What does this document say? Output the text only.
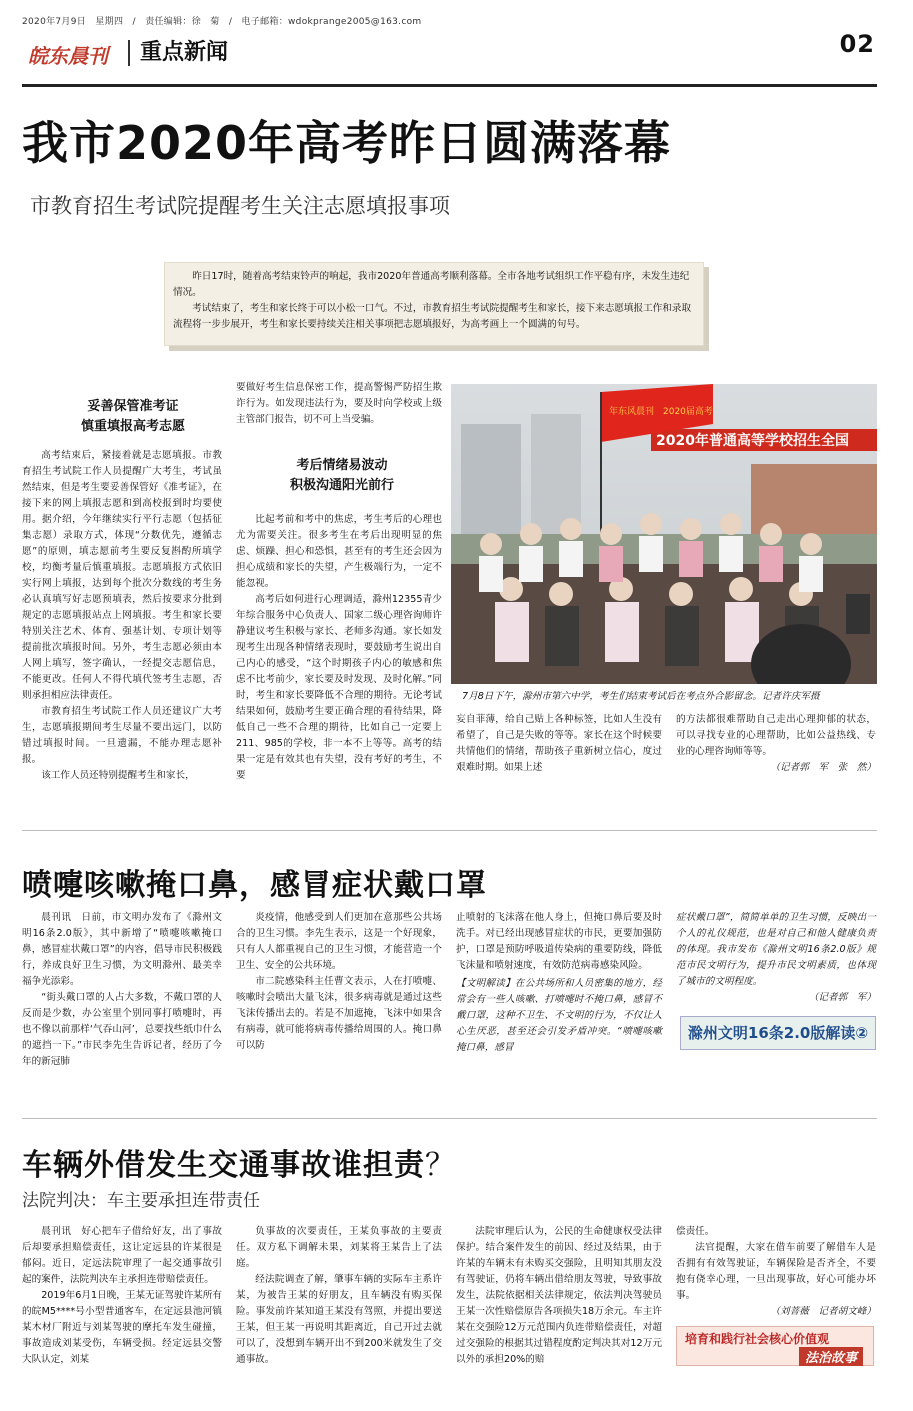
2020年7月9日　星期四　/　责任编辑：徐　菊　/　电子邮箱：wdokprange2005@163.com
02
皖东晨刊	重点新闻
我市2020年高考昨日圆满落幕
市教育招生考试院提醒考生关注志愿填报事项

昨日17时，随着高考结束铃声的响起，我市2020年普通高考顺利落幕。全市各地考试组织工作平稳有序，未发生违纪情况。

考试结束了，考生和家长终于可以小松一口气。不过，市教育招生考试院提醒考生和家长，接下来志愿填报工作和录取流程将一步步展开，考生和家长要持续关注相关事项把志愿填报好，为高考画上一个圆满的句号。

妥善保管准考证
慎重填报高考志愿

高考结束后，紧接着就是志愿填报。市教育招生考试院工作人员提醒广大考生，考试虽然结束，但是考生要妥善保管好《准考证》，在接下来的网上填报志愿和到高校报到时均要使用。据介绍，今年继续实行平行志愿（包括征集志愿）录取方式，体现“分数优先，遵循志愿”的原则，填志愿前考生要反复斟酌所填学校，均衡考量后慎重填报。志愿填报方式依旧实行网上填报，达到每个批次分数线的考生务必认真填写好志愿预填表，然后按要求分批到规定的志愿填报站点上网填报。考生和家长要特别关注艺术、体育、强基计划、专项计划等提前批次填报时间。另外，考生志愿必须由本人网上填写，签字确认，一经提交志愿信息，不能更改。任何人不得代填代签考生志愿，否则承担相应法律责任。

市教育招生考试院工作人员还建议广大考生，志愿填报期间考生尽量不要出远门，以防错过填报时间。一旦遗漏，不能办理志愿补报。

该工作人员还特别提醒考生和家长，

要做好考生信息保密工作，提高警惕严防招生欺诈行为。如发现违法行为，要及时向学校或上级主管部门报告，切不可上当受骗。
考后情绪易波动
积极沟通阳光前行

比起考前和考中的焦虑，考生考后的心理也尤为需要关注。很多考生在考后出现明显的焦虑、烦躁、担心和恐惧，甚至有的考生还会因为担心成绩和家长的失望，产生极端行为，一定不能忽视。

高考后如何进行心理调适，滁州12355青少年综合服务中心负责人、国家二级心理咨询师许静建议考生积极与家长、老师多沟通。家长如发现考生出现各种情绪表现时，要鼓励考生说出自己内心的感受，“这个时期孩子内心的敏感和焦虑不比考前少，家长要及时发现、及时化解。”同时，考生和家长要降低不合理的期待。无论考试结果如何，鼓励考生要正确合理的看待结果，降低自己一些不合理的期待，比如自己一定要上211、985的学校，非一本不上等等。高考的结果一定是有效其也有失望，没有考好的考生，不要

2020年普通高等学校招生全国
年东风晨刊　2020届高考
7月8日下午，滁州市第六中学，考生们结束考试后在考点外合影留念。记者许庆军摄
妄自菲薄，给自己贴上各种标签，比如人生没有希望了，自己是失败的等等。家长在这个时候要共情他们的情绪，帮助孩子重新树立信心，度过艰难时期。如果上述
的方法都很难帮助自己走出心理抑郁的状态，可以寻找专业的心理帮助，比如公益热线、专业的心理咨询师等等。
（记者郭　军　张　然）
喷嚏咳嗽掩口鼻，感冒症状戴口罩

晨刊讯　日前，市文明办发布了《滁州文明16条2.0版》，其中新增了“喷嚏咳嗽掩口鼻，感冒症状戴口罩”的内容，倡导市民积极践行，养成良好卫生习惯，为文明滁州、最美幸福争光添彩。

“街头戴口罩的人占大多数，不戴口罩的人反而是少数，办公室里个别同事打喷嚏时，再也不像以前那样‘气吞山河’，总要找些纸巾什么的遮挡一下。”市民李先生告诉记者，经历了今年的新冠肺

炎疫情，他感受到人们更加在意那些公共场合的卫生习惯。李先生表示，这是一个好现象，只有人人都重视自己的卫生习惯，才能营造一个卫生、安全的公共环境。

市二院感染科主任曹文表示，人在打喷嚏、咳嗽时会喷出大量飞沫，很多病毒就是通过这些飞沫传播出去的。若是不加遮掩，飞沫中如果含有病毒，就可能将病毒传播给周围的人。掩口鼻可以防

止喷射的飞沫落在他人身上，但掩口鼻后要及时洗手。对已经出现感冒症状的市民，更要加强防护，口罩是预防呼吸道传染病的重要防线，降低飞沫量和喷射速度，有效防范病毒感染风险。
【文明解读】在公共场所和人员密集的地方，经常会有一些人咳嗽、打喷嚏时不掩口鼻，感冒不戴口罩，这种不卫生、不文明的行为，不仅让人心生厌恶，甚至还会引发矛盾冲突。“喷嚏咳嗽掩口鼻，感冒
症状戴口罩”，简简单单的卫生习惯，反映出一个人的礼仪规范，也是对自己和他人健康负责的体现。我市发布《滁州文明16条2.0版》规范市民文明行为，提升市民文明素质，也体现了城市的文明程度。
（记者郭　军）
滁州文明16条2.0版解读②
车辆外借发生交通事故谁担责？
法院判决：车主要承担连带责任

晨刊讯　好心把车子借给好友，出了事故后却要承担赔偿责任，这让定远县的许某很是郁闷。近日，定远法院审理了一起交通事故引起的案件，法院判决车主承担连带赔偿责任。

2019年6月1日晚，王某无证驾驶许某所有的皖M5****号小型普通客车，在定远县池河镇某木材厂附近与刘某驾驶的摩托车发生碰撞，事故造成刘某受伤，车辆受损。经定远县交警大队认定，刘某

负事故的次要责任，王某负事故的主要责任。双方私下调解未果，刘某将王某告上了法庭。

经法院调查了解，肇事车辆的实际车主系许某，为被告王某的好朋友，且车辆没有购买保险。事发前许某知道王某没有驾照，并提出要送王某，但王某一再说明其距离近，自己开过去就可以了，没想到车辆开出不到200米就发生了交通事故。

法院审理后认为，公民的生命健康权受法律保护。结合案件发生的前因、经过及结果，由于许某的车辆未有未购买交强险，且明知其朋友没有驾驶证，仍将车辆出借给朋友驾驶，导致事故发生，法院依据相关法律规定，依法判决驾驶员王某一次性赔偿原告各项损失18万余元。车主许某在交强险12万元范围内负连带赔偿责任，对超过交强险的根据其过错程度酌定判决其对12万元以外的承担20%的赔

偿责任。

法官提醒，大家在借车前要了解借车人是否拥有有效驾驶证，车辆保险是否齐全，不要抱有侥幸心理，一旦出现事故，好心可能办坏事。

（刘菩薇　记者胡文峰）
培育和践行社会核心价值观
法治故事
